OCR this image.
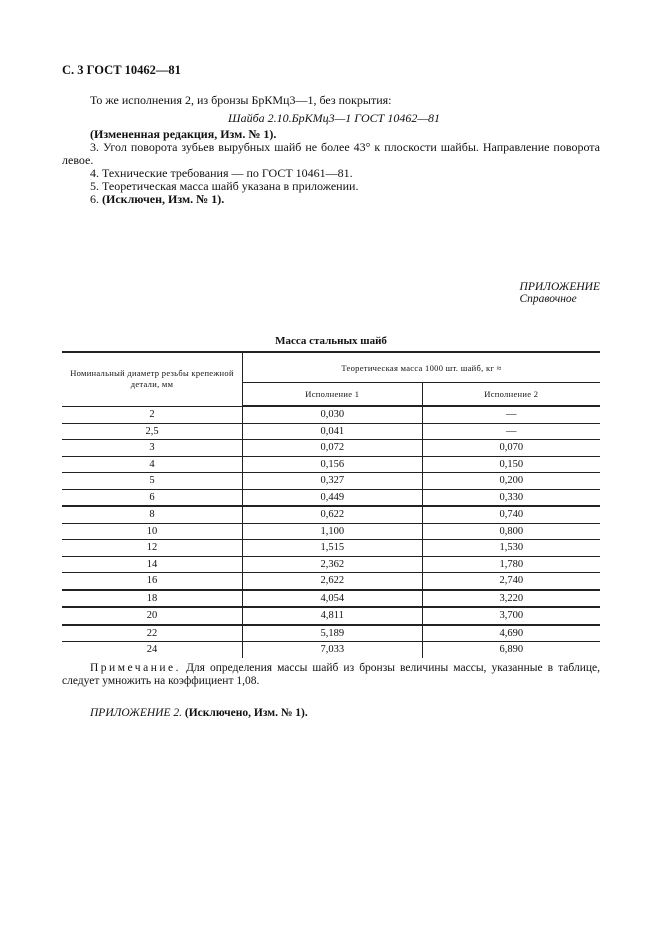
С. 3 ГОСТ 10462—81
То же исполнения 2, из бронзы БрКМц3—1, без покрытия:
Шайба 2.10.БрКМц3—1 ГОСТ 10462—81
(Измененная редакция, Изм. № 1).
3. Угол поворота зубьев вырубных шайб не более 43° к плоскости шайбы. Направление поворота левое.
4. Технические требования — по ГОСТ 10461—81.
5. Теоретическая масса шайб указана в приложении.
6. (Исключен, Изм. № 1).
ПРИЛОЖЕНИЕ
Справочное
Масса стальных шайб
Номинальный диаметр резьбы крепежной детали, мм	Теоретическая масса 1000 шт. шайб, кг ≈	
	Исполнение 1	Исполнение 2
2	0,030	—
2,5	0,041	—
3	0,072	0,070
4	0,156	0,150
5	0,327	0,200
6	0,449	0,330
8	0,622	0,740
10	1,100	0,800
12	1,515	1,530
14	2,362	1,780
16	2,622	2,740
18	4,054	3,220
20	4,811	3,700
22	5,189	4,690
24	7,033	6,890
Примечание. Для определения массы шайб из бронзы величины массы, указанные в таблице, следует умножить на коэффициент 1,08.
ПРИЛОЖЕНИЕ 2. (Исключено, Изм. № 1).
